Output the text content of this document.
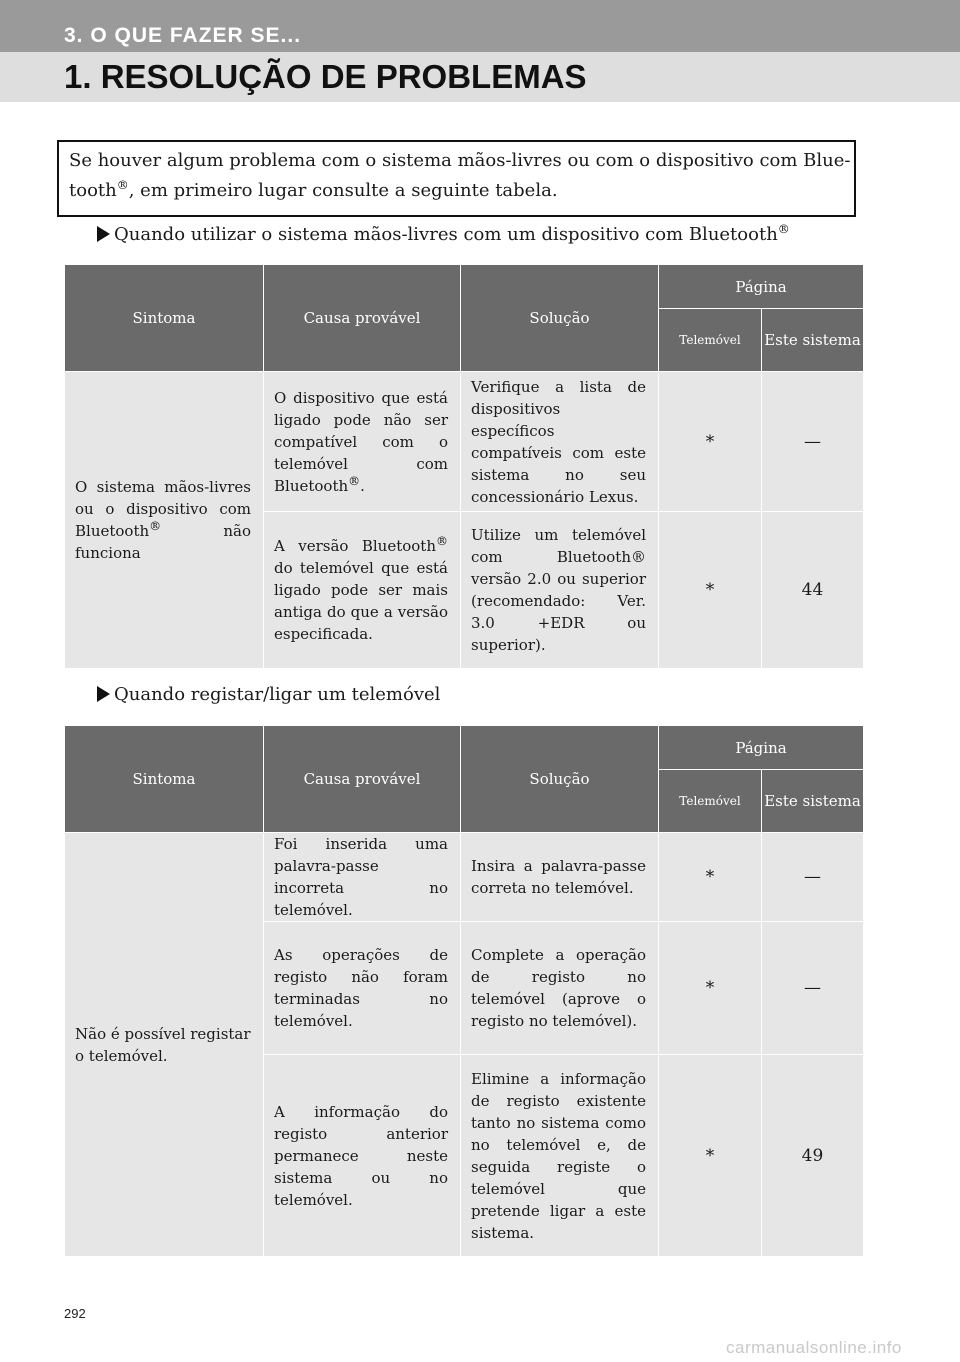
3. O QUE FAZER SE...
1. RESOLUÇÃO DE PROBLEMAS
Se houver algum problema com o sistema mãos-livres ou com o dispositivo com Blue-
tooth®, em primeiro lugar consulte a seguinte tabela.
Quando utilizar o sistema mãos-livres com um dispositivo com Bluetooth®
Sintoma	Causa provável	Solução	Página	
			Telemóvel	Este sistema
O sistema mãos-livres ou o dispositivo com Bluetooth® não funciona	O dispositivo que está ligado pode não ser compatível com o telemóvel com Bluetooth®.	Verifique a lista de dispositivos específicos compatíveis com este sistema no seu concessionário Lexus.	*	—
	A versão Bluetooth® do telemóvel que está ligado pode ser mais antiga do que a versão especificada.	Utilize um telemóvel com Bluetooth® versão 2.0 ou superior (recomendado: Ver. 3.0 +EDR ou superior).	*	44
Quando registar/ligar um telemóvel
Sintoma	Causa provável	Solução	Página	
			Telemóvel	Este sistema
Não é possível registar o telemóvel.	Foi inserida uma palavra-passe incorreta no telemóvel.	Insira a palavra-passe correta no telemóvel.	*	—
	As operações de registo não foram terminadas no telemóvel.	Complete a operação de registo no telemóvel (aprove o registo no telemóvel).	*	—
	A informação do registo anterior permanece neste sistema ou no telemóvel.	Elimine a informação de registo existente tanto no sistema como no telemóvel e, de seguida registe o telemóvel que pretende ligar a este sistema.	*	49
292
carmanualsonline.info
